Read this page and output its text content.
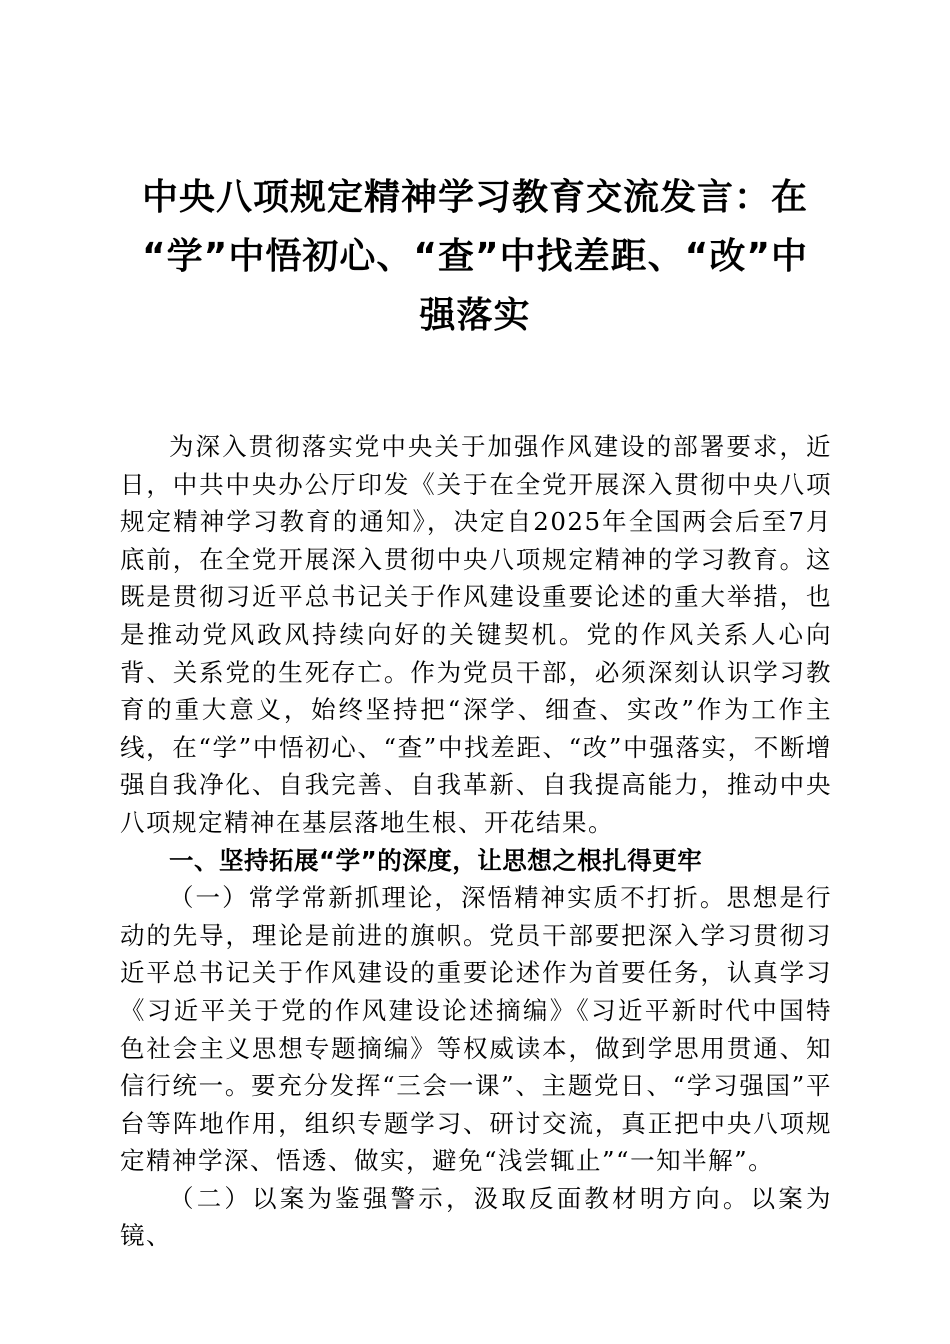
中央八项规定精神学习教育交流发言：在
“学”中悟初心、“查”中找差距、“改”中
强落实

为深入贯彻落实党中央关于加强作风建设的部署要求，近日，中共中央办公厅印发《关于在全党开展深入贯彻中央八项规定精神学习教育的通知》，决定自2025年全国两会后至7月底前，在全党开展深入贯彻中央八项规定精神的学习教育。这既是贯彻习近平总书记关于作风建设重要论述的重大举措，也是推动党风政风持续向好的关键契机。党的作风关系人心向背、关系党的生死存亡。作为党员干部，必须深刻认识学习教育的重大意义，始终坚持把“深学、细查、实改”作为工作主线，在“学”中悟初心、“查”中找差距、“改”中强落实，不断增强自我净化、自我完善、自我革新、自我提高能力，推动中央八项规定精神在基层落地生根、开花结果。

一、坚持拓展“学”的深度，让思想之根扎得更牢

（一）常学常新抓理论，深悟精神实质不打折。思想是行动的先导，理论是前进的旗帜。党员干部要把深入学习贯彻习近平总书记关于作风建设的重要论述作为首要任务，认真学习《习近平关于党的作风建设论述摘编》《习近平新时代中国特色社会主义思想专题摘编》等权威读本，做到学思用贯通、知信行统一。要充分发挥“三会一课”、主题党日、“学习强国”平台等阵地作用，组织专题学习、研讨交流，真正把中央八项规定精神学深、悟透、做实，避免“浅尝辄止”“一知半解”。

（二）以案为鉴强警示，汲取反面教材明方向。以案为镜、
